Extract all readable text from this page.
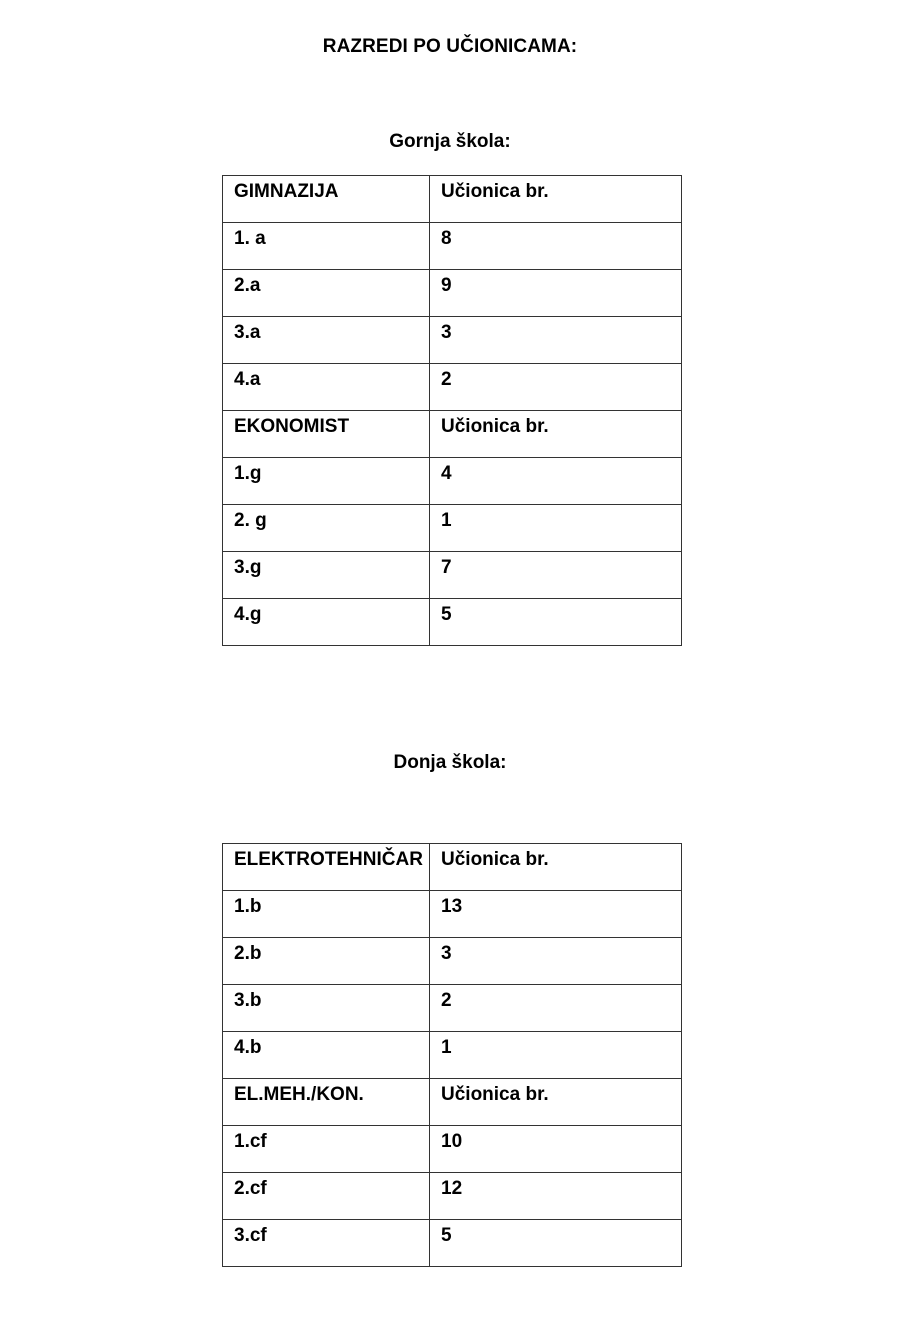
RAZREDI PO UČIONICAMA:
Gornja škola:
GIMNAZIJA	Učionica br.
1. a	8
2.a	9
3.a	3
4.a	2
EKONOMIST	Učionica br.
1.g	4
2. g	1
3.g	7
4.g	5
Donja škola:
ELEKTROTEHNIČAR	Učionica br.
1.b	13
2.b	3
3.b	2
4.b	1
EL.MEH./KON.	Učionica br.
1.cf	10
2.cf	12
3.cf	5
